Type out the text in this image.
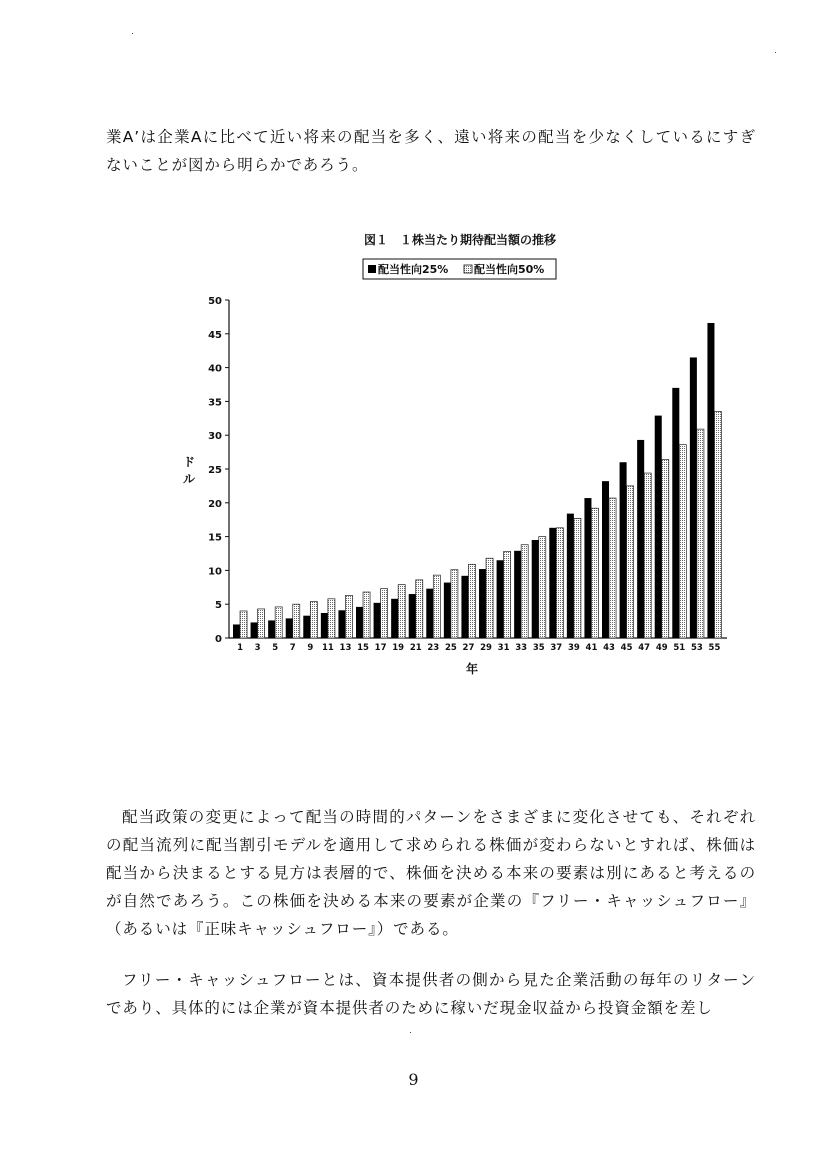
業A’は企業Aに比べて近い将来の配当を多く、遠い将来の配当を少なくしているにすぎないことが図から明らかであろう。

図１　１株当たり期待配当額の推移
配当性向25% 配当性向50%
0
5
10
15
20
25
30
35
40
45
50
1 3 5 7 9 11 13 15 17 19 21 23 25 27 29 31 33 35 37 39 41 43 45 47 49 51 53 55
ド
ル
年

配当政策の変更によって配当の時間的パターンをさまざまに変化させても、それぞれの配当流列に配当割引モデルを適用して求められる株価が変わらないとすれば、株価は配当から決まるとする見方は表層的で、株価を決める本来の要素は別にあると考えるのが自然であろう。この株価を決める本来の要素が企業の『フリー・キャッシュフロー』（あるいは『正味キャッシュフロー』）である。

フリー・キャッシュフローとは、資本提供者の側から見た企業活動の毎年のリターンであり、具体的には企業が資本提供者のために稼いだ現金収益から投資金額を差し

9
